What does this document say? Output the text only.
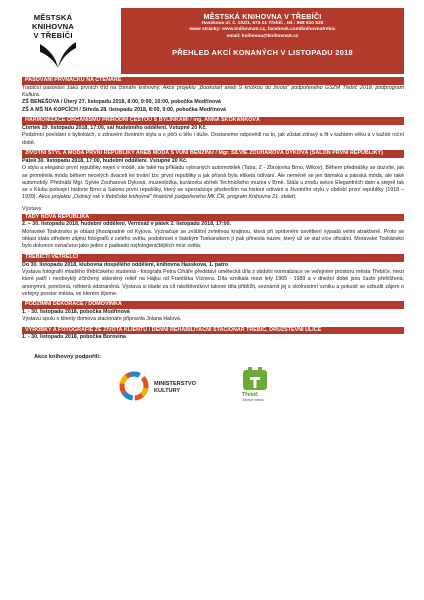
MĚSTSKÁ
KNIHOVNA
V TŘEBÍČI
MĚSTSKÁ KNIHOVNA V TŘEBÍČI
Hasskova ul. č. 102/1, 674 01 Třebíč , tel.: 568 610 520
www stránky: www.knihovnatr.cz, facebook.com/knihovnatrebic
email: knihovna@knihovnatr.cz
PŘEHLED AKCÍ KONANÝCH V LISTOPADU 2018
PASOVÁNÍ PRVŇÁČKŮ NA ČTENÁŘE
Tradiční pasování žáků prvních tříd na čtenáře knihovny. Akce projektu „Bookstart aneb S knížkou do života" podpořeného GSZM Třebíč 2018, podprogram Kultura.
ZŠ BENEŠOVA / Úterý 27. listopadu 2018, 8:00, 9:00, 10:00, pobočka Modřínová
ZŠ A MŠ NA KOPCÍCH / Středa 28. listopadu 2018, 8:00, 9:00, pobočka Modřínová
HARMONIZACE ORGANISMU PŘÍRODNÍ CESTOU S BYLINKAMI / ing. ANNA SKOKÁNKOVÁ
Čtvrtek 29. listopadu 2018, 17:00, sál hudebního oddělení. Vstupné 20 Kč.
Podzimní povídání o bylinkách, o zdravém životním stylu a o péči o tělo i duše. Dostaneme odpovědi na to, jak zůstat zdravý a fit v každém věku a v každé roční době.
ŽIVOTNÍ STYL A MÓDA PRVNÍ REPUBLIKY ANEB MÓDA S VŮNÍ BENZÍNU / Mgr. SILVIE ZOUHAROVÁ DYKOVÁ (SALON PRVNÍ REPUBLIKY)
Pátek 30. listopadu 2018, 17:00, hudební oddělení. Vstupné 20 Kč.
O stylu a eleganci první republiky nejen v módě, ale také na příkladu vybraných automobilek (Tatra, Z - Zbrojovka Brno, Wikov). Během přednášky se dozvíte, jak se proměnila móda během necelých dvaceti let trvání tzv. první republiky a jak přísná byla etiketa odívání. Ale neméně se jen dámská a pánská móda, ale také automobily. Přednáší Mgr. Sylvie Zouharová Dyková, muzeoložka, kurátorka sbírek Technického muzea v Brně. Stála u zrodu sekce Elegantních dam a stejně tak se v Klubu policejní historie Brno a Salonu první republiky, který se specializuje především na historii odívání a životního stylu v období první republiky (1918 – 1939). Akce projektu „Oslnivý rok v třebíčské knihovně" finančně podpořeného MK ČR, program Knihovna 21. století.
Výstavy
TADY NOVÁ REPUBLIKA
2. – 30. listopadu 2018, hudební oddělení. Vernisáž v pátek 2. listopadu 2018, 17:00.
Moravské Toskánsko je oblast jihozápadně od Kyjova. Vyznačuje se zvláštní zvlněnou krajinou, která při správném osvětlení vypadá velmi atraktivně. Proto se oblast stala středem zájmu fotografů z celého světa, podobnost s italským Toskánskem jí pak přinesla název, který už se stal více oficiální. Moravské Toskánsko bylo dokonce označeno jako jedno z padesáti nejfotogeničtějších míst světa.
TŘEBÍČTÍ VETŘELCI
Do 30. listopadu 2018, klubovna dospělého oddělení, knihovna Hasskova, 1. patro
Výstava fotografií mladého třebíčského studenta - fotografa Petra Ciháře představí umělecká díla z období normalizace ve veřejném prostoru města Třebíče, mezi které patří i neobvyklý zčinžený skleněný reliéf na Hájku od Františka Víznera. Díla vznikala mezi lety 1965 - 1989 a v dnešní době jsou často přehlížená, anonymní, poničená, některá odstraněná. Výstava si klade za cíl návštěvníkovi takové díla přiblížit, seznámit jej s okolnostmí vzniku a pokusit se vzbudit zájem o veřejný prostor města, ve kterém žijeme.
PODZIMNÍ DEKORACE / DOMOVINKA
1. - 30. listopadu 2018, pobočka Modřínová
Výstavu spolu s klienty domova stacionáře připravila Jolana Halová.
VÝROBKY A FOTOGRAFIE ZE ŽIVOTA KLIENTŮ / DENNÍ REHABILITAČNÍ STACIONÁŘ TŘEBÍČ, DRUŽSTEVNÍ ULICE
1. - 30. listopadu 2018, pobočka Borovina
Akce knihovny podpořili:
MINISTERSTVO
KULTURY
Třebíč
Zdravé město
